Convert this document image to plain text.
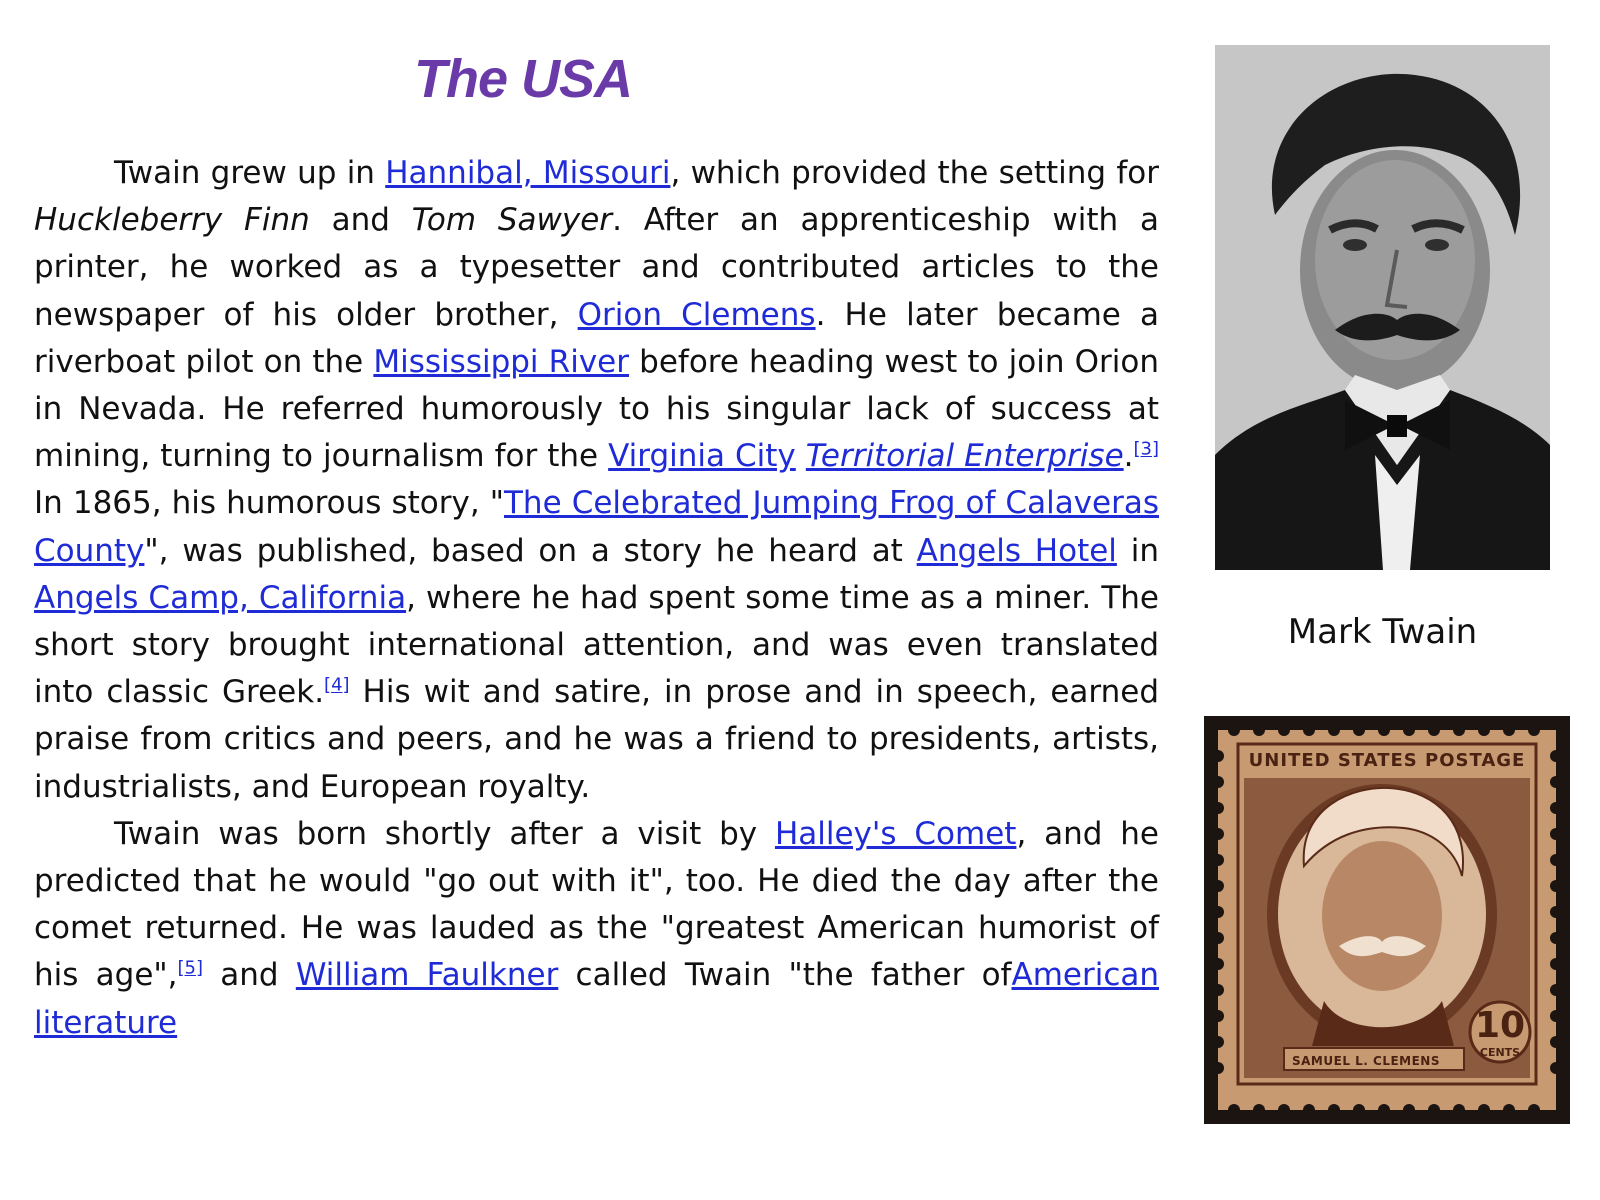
The USA

Twain grew up in Hannibal, Missouri, which provided the setting for Huckleberry Finn and Tom Sawyer. After an apprenticeship with a printer, he worked as a typesetter and contributed articles to the newspaper of his older brother, Orion Clemens. He later became a riverboat pilot on the Mississippi River before heading west to join Orion in Nevada. He referred humorously to his singular lack of success at mining, turning to journalism for the Virginia City Territorial Enterprise.[3] In 1865, his humorous story, "The Celebrated Jumping Frog of Calaveras County", was published, based on a story he heard at Angels Hotel in Angels Camp, California, where he had spent some time as a miner. The short story brought international attention, and was even translated into classic Greek.[4] His wit and satire, in prose and in speech, earned praise from critics and peers, and he was a friend to presidents, artists, industrialists, and European royalty.

Twain was born shortly after a visit by Halley's Comet, and he predicted that he would "go out with it", too. He died the day after the comet returned. He was lauded as the "greatest American humorist of his age",[5] and William Faulkner called Twain "the father ofAmerican literature

Mark Twain
UNITED STATES POSTAGE
SAMUEL L. CLEMENS
10
CENTS
